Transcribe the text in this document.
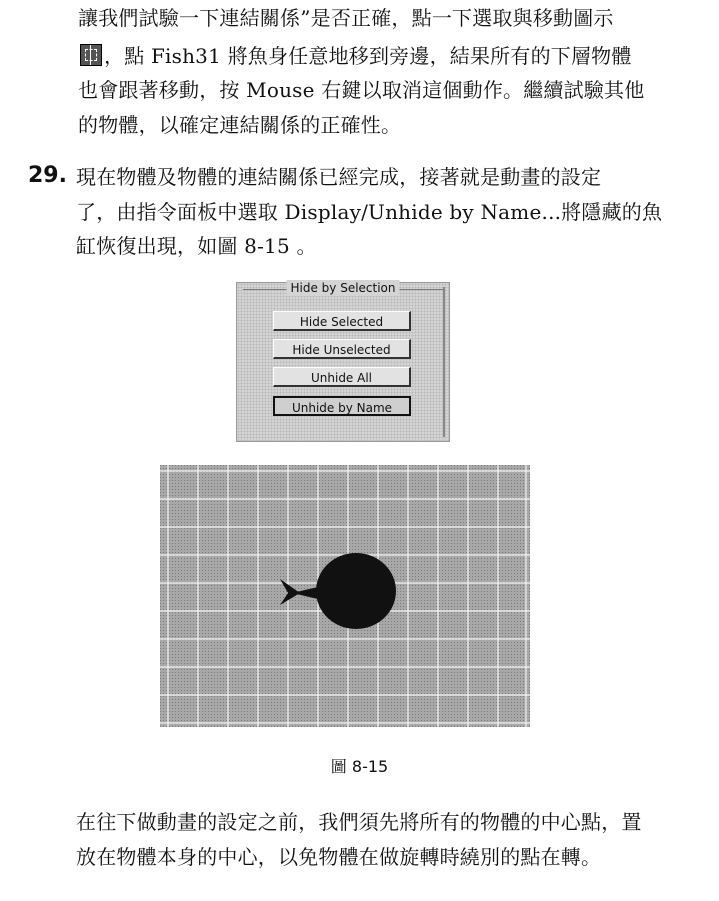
讓我們試驗一下連結關係”是否正確，點一下選取與移動圖示
，點 Fish31 將魚身任意地移到旁邊，結果所有的下層物體
也會跟著移動，按 Mouse 右鍵以取消這個動作。繼續試驗其他
的物體，以確定連結關係的正確性。
29. 現在物體及物體的連結關係已經完成，接著就是動畫的設定
了，由指令面板中選取 Display/Unhide by Name...將隱藏的魚
缸恢復出現，如圖 8-15 。
Hide by Selection
Hide Selected
Hide Unselected
Unhide All
Unhide by Name
圖 8-15
在往下做動畫的設定之前，我們須先將所有的物體的中心點，置
放在物體本身的中心，以免物體在做旋轉時繞別的點在轉。
